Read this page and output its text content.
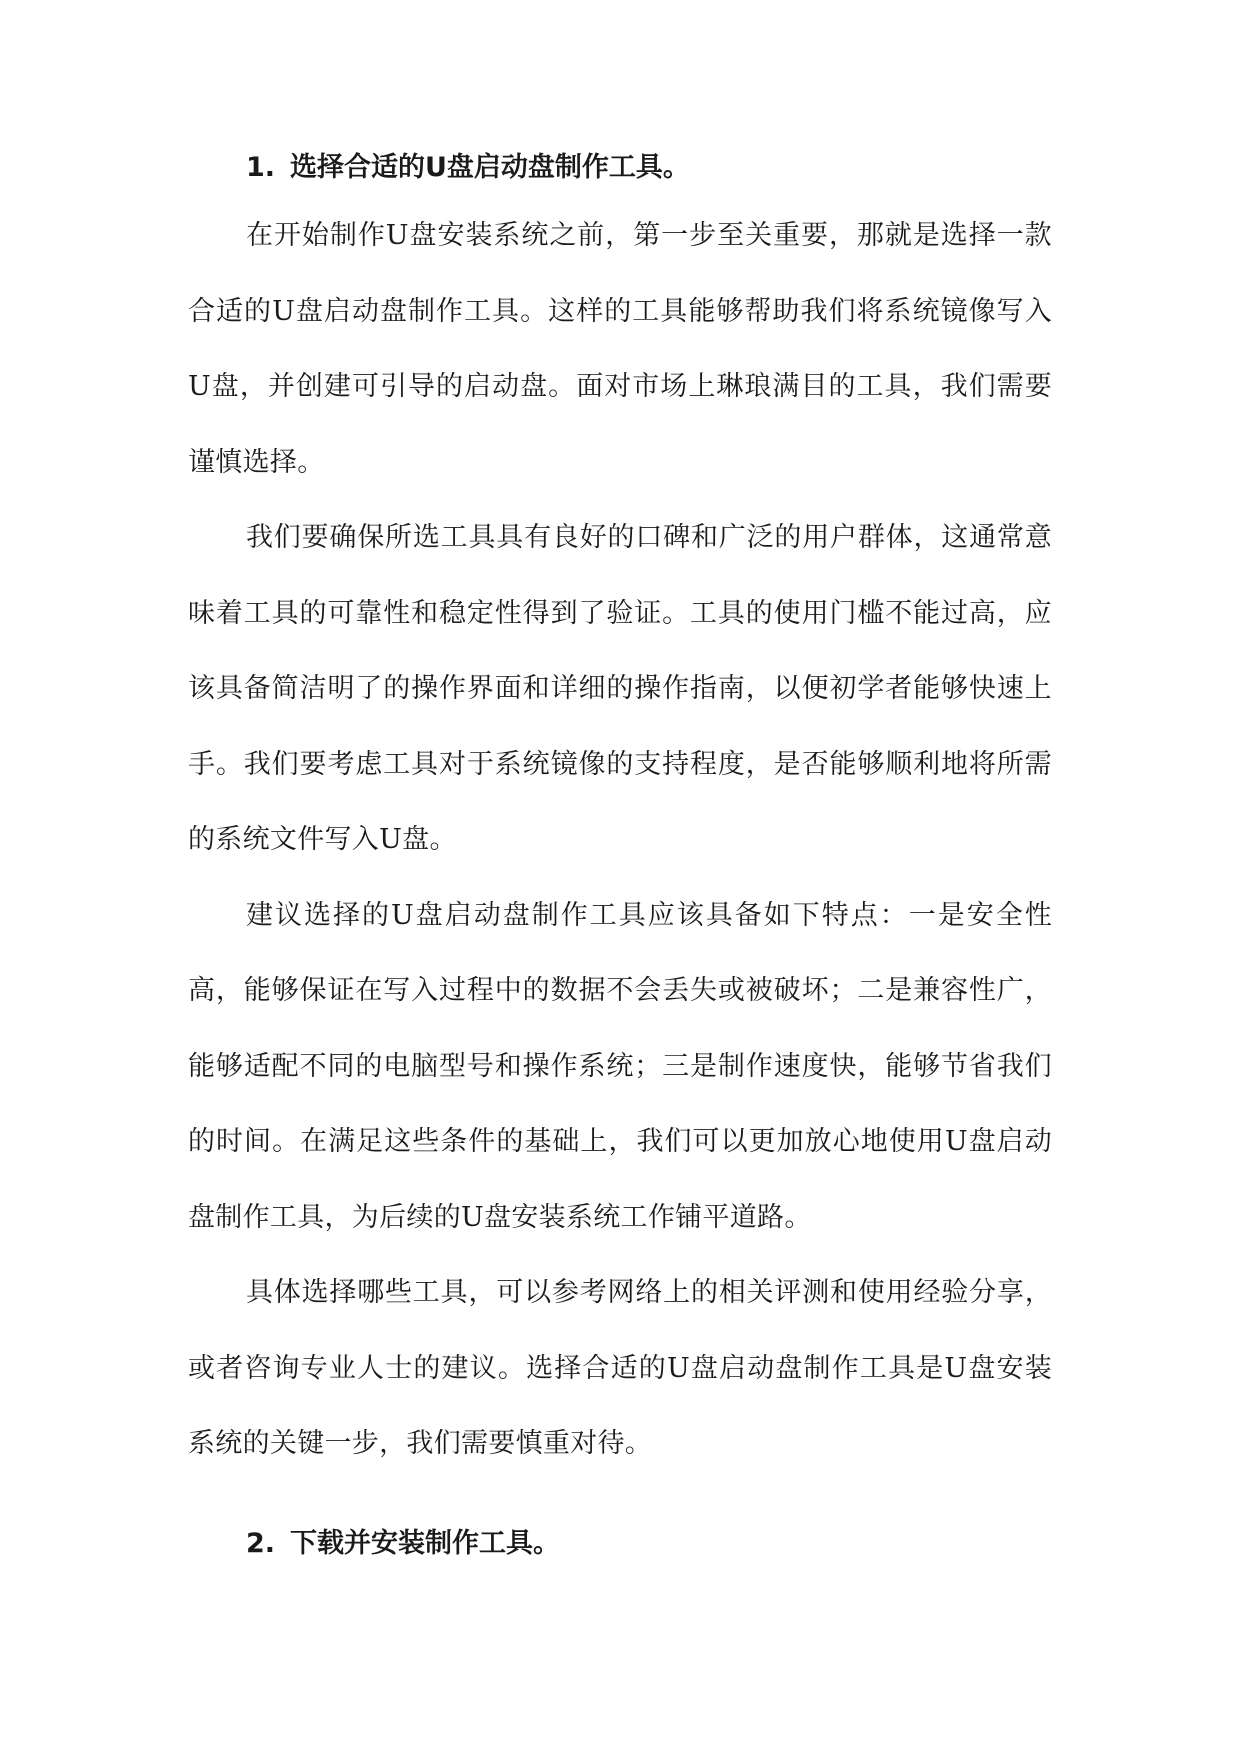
1. 选择合适的U盘启动盘制作工具。

在开始制作U盘安装系统之前，第一步至关重要，那就是选择一款合适的U盘启动盘制作工具。这样的工具能够帮助我们将系统镜像写入U盘，并创建可引导的启动盘。面对市场上琳琅满目的工具，我们需要谨慎选择。

我们要确保所选工具具有良好的口碑和广泛的用户群体，这通常意味着工具的可靠性和稳定性得到了验证。工具的使用门槛不能过高，应该具备简洁明了的操作界面和详细的操作指南，以便初学者能够快速上手。我们要考虑工具对于系统镜像的支持程度，是否能够顺利地将所需的系统文件写入U盘。

建议选择的U盘启动盘制作工具应该具备如下特点：一是安全性高，能够保证在写入过程中的数据不会丢失或被破坏；二是兼容性广，能够适配不同的电脑型号和操作系统；三是制作速度快，能够节省我们的时间。在满足这些条件的基础上，我们可以更加放心地使用U盘启动盘制作工具，为后续的U盘安装系统工作铺平道路。

具体选择哪些工具，可以参考网络上的相关评测和使用经验分享，或者咨询专业人士的建议。选择合适的U盘启动盘制作工具是U盘安装系统的关键一步，我们需要慎重对待。

2. 下载并安装制作工具。
